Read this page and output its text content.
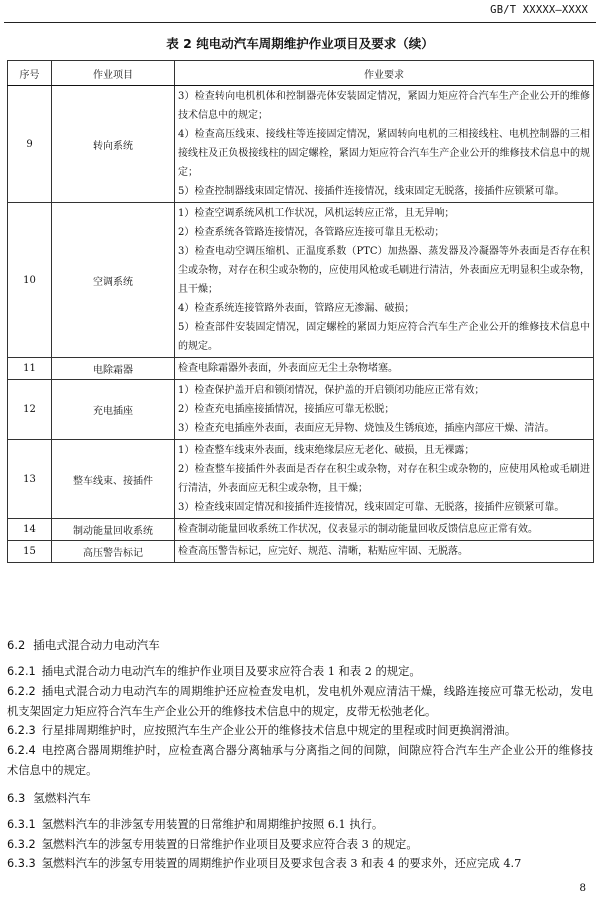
GB/T XXXXX—XXXX
表 2 纯电动汽车周期维护作业项目及要求（续）
序号	作业项目	作业要求
9	转向系统	3）检查转向电机机体和控制器壳体安装固定情况，紧固力矩应符合汽车生产企业公开的维修技术信息中的规定；
4）检查高压线束、接线柱等连接固定情况，紧固转向电机的三相接线柱、电机控制器的三相接线柱及正负极接线柱的固定螺栓，紧固力矩应符合汽车生产企业公开的维修技术信息中的规定；
5）检查控制器线束固定情况、接插件连接情况，线束固定无脱落，接插件应锁紧可靠。

10	空调系统	1）检查空调系统风机工作状况，风机运转应正常，且无异响；
2）检查系统各管路连接情况，各管路应连接可靠且无松动；
3）检查电动空调压缩机、正温度系数（PTC）加热器、蒸发器及冷凝器等外表面是否存在积尘或杂物，对存在积尘或杂物的，应使用风枪或毛刷进行清洁，外表面应无明显积尘或杂物，且干燥；
4）检查系统连接管路外表面，管路应无渗漏、破损；
5）检查部件安装固定情况，固定螺栓的紧固力矩应符合汽车生产企业公开的维修技术信息中的规定。

11	电除霜器	检查电除霜器外表面，外表面应无尘土杂物堵塞。

12	充电插座	1）检查保护盖开启和锁闭情况，保护盖的开启锁闭功能应正常有效；
2）检查充电插座接插情况，接插应可靠无松脱；
3）检查充电插座外表面，表面应无异物、烧蚀及生锈痕迹，插座内部应干燥、清洁。

13	整车线束、接插件	1）检查整车线束外表面，线束绝缘层应无老化、破损，且无裸露；
2）检查整车接插件外表面是否存在积尘或杂物，对存在积尘或杂物的，应使用风枪或毛刷进行清洁，外表面应无积尘或杂物，且干燥；
3）检查线束固定情况和接插件连接情况，线束固定可靠、无脱落，接插件应锁紧可靠。

14	制动能量回收系统	检查制动能量回收系统工作状况，仪表显示的制动能量回收反馈信息应正常有效。

15	高压警告标记	检查高压警告标记，应完好、规范、清晰，粘贴应牢固、无脱落。
6.2 插电式混合动力电动汽车
6.2.1 插电式混合动力电动汽车的维护作业项目及要求应符合表 1 和表 2 的规定。
6.2.2 插电式混合动力电动汽车的周期维护还应检查发电机，发电机外观应清洁干燥，线路连接应可靠无松动，发电机支架固定力矩应符合汽车生产企业公开的维修技术信息中的规定，皮带无松弛老化。
6.2.3 行星排周期维护时，应按照汽车生产企业公开的维修技术信息中规定的里程或时间更换润滑油。
6.2.4 电控离合器周期维护时，应检查离合器分离轴承与分离指之间的间隙，间隙应符合汽车生产企业公开的维修技术信息中的规定。
6.3 氢燃料汽车
6.3.1 氢燃料汽车的非涉氢专用装置的日常维护和周期维护按照 6.1 执行。
6.3.2 氢燃料汽车的涉氢专用装置的日常维护作业项目及要求应符合表 3 的规定。
6.3.3 氢燃料汽车的涉氢专用装置的周期维护作业项目及要求包含表 3 和表 4 的要求外，还应完成 4.7
8
